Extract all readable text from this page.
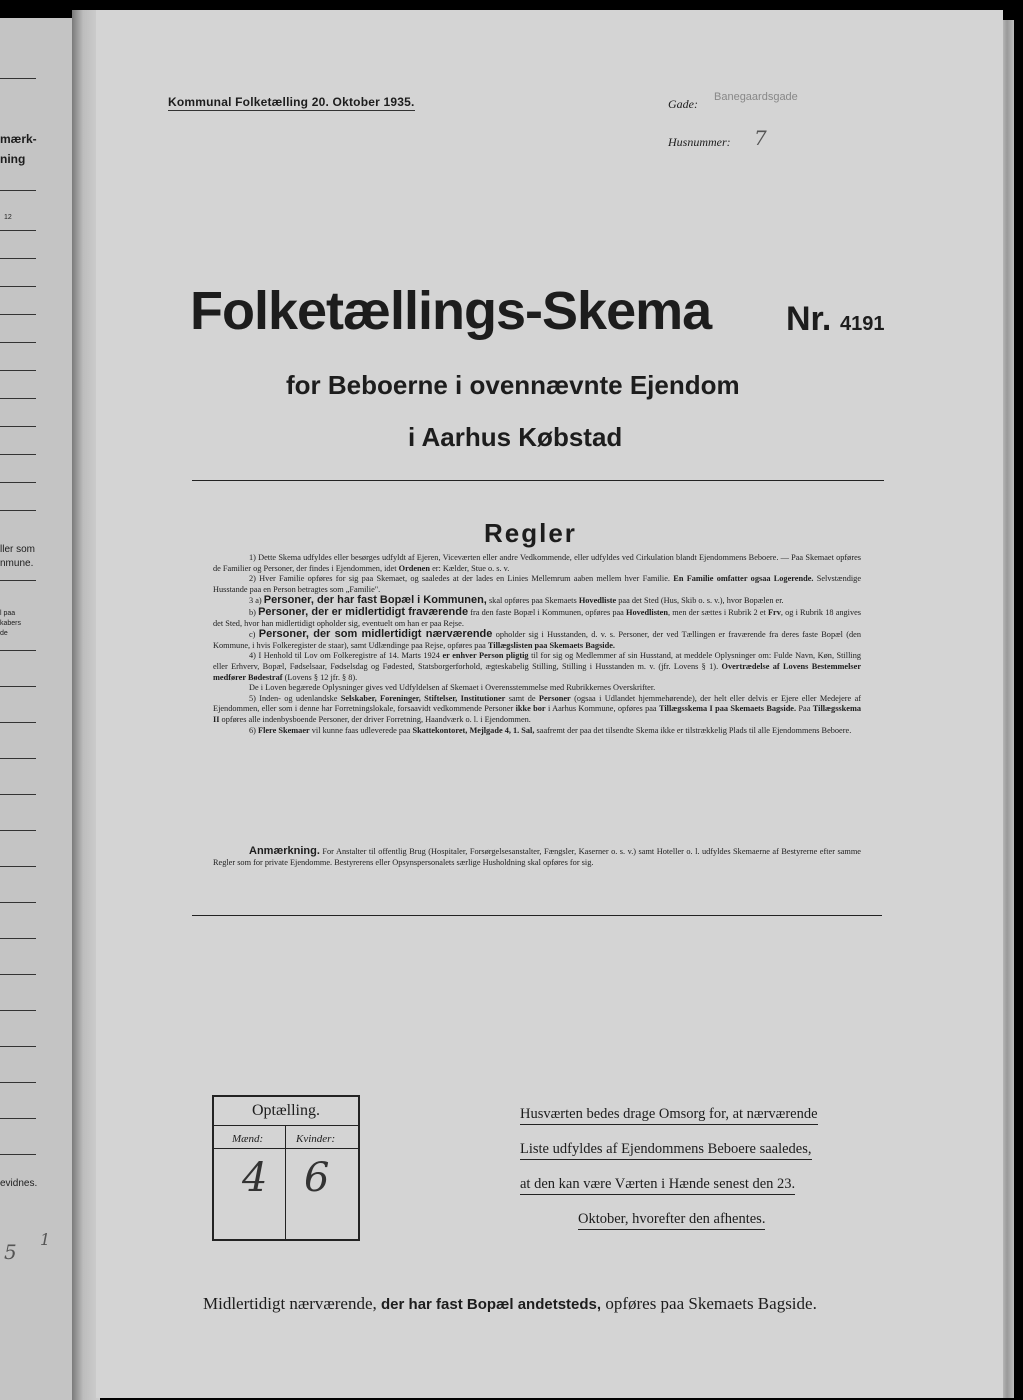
mærk-
ning
12
ller som
nmune.
l paa
kabers
de
evidnes.
5
1
Kommunal Folketælling 20. Oktober 1935.	Gade: Banegaardsgade
Husnummer: 7
Folketællings-Skema Nr. 4191
for Beboerne i ovennævnte Ejendom
i Aarhus Købstad
Regler

1) Dette Skema udfyldes eller besørges udfyldt af Ejeren, Viceværten eller andre Vedkommende, eller udfyldes ved Cirkulation blandt Ejendommens Beboere. — Paa Skemaet opføres de Familier og Personer, der findes i Ejendommen, idet Ordenen er: Kælder, Stue o. s. v.

2) Hver Familie opføres for sig paa Skemaet, og saaledes at der lades en Linies Mellemrum aaben mellem hver Familie. En Familie omfatter ogsaa Logerende. Selvstændige Husstande paa en Person betragtes som „Familie".

3 a) Personer, der har fast Bopæl i Kommunen, skal opføres paa Skemaets Hovedliste paa det Sted (Hus, Skib o. s. v.), hvor Bopælen er.

b) Personer, der er midlertidigt fraværende fra den faste Bopæl i Kommunen, opføres paa Hovedlisten, men der sættes i Rubrik 2 et Frv, og i Rubrik 18 angives det Sted, hvor han midlertidigt opholder sig, eventuelt om han er paa Rejse.

c) Personer, der som midlertidigt nærværende opholder sig i Husstanden, d. v. s. Personer, der ved Tællingen er fraværende fra deres faste Bopæl (den Kommune, i hvis Folkeregister de staar), samt Udlændinge paa Rejse, opføres paa Tillægslisten paa Skemaets Bagside.

4) I Henhold til Lov om Folkeregistre af 14. Marts 1924 er enhver Person pligtig til for sig og Medlemmer af sin Husstand, at meddele Oplysninger om: Fulde Navn, Køn, Stilling eller Erhverv, Bopæl, Fødselsaar, Fødselsdag og Fødested, Statsborgerforhold, ægteskabelig Stilling, Stilling i Husstanden m. v. (jfr. Lovens § 1). Overtrædelse af Lovens Bestemmelser medfører Bødestraf (Lovens § 12 jfr. § 8).

De i Loven begærede Oplysninger gives ved Udfyldelsen af Skemaet i Overensstemmelse med Rubrikkernes Overskrifter.

5) Inden- og udenlandske Selskaber, Foreninger, Stiftelser, Institutioner samt de Personer (ogsaa i Udlandet hjemmehørende), der helt eller delvis er Ejere eller Medejere af Ejendommen, eller som i denne har Forretningslokale, forsaavidt vedkommende Personer ikke bor i Aarhus Kommune, opføres paa Tillægsskema I paa Skemaets Bagside. Paa Tillægsskema II opføres alle indenbysboende Personer, der driver Forretning, Haandværk o. l. i Ejendommen.

6) Flere Skemaer vil kunne faas udleverede paa Skattekontoret, Mejlgade 4, 1. Sal, saafremt der paa det tilsendte Skema ikke er tilstrækkelig Plads til alle Ejendommens Beboere.

Anmærkning. For Anstalter til offentlig Brug (Hospitaler, Forsørgelsesanstalter, Fængsler, Kaserner o. s. v.) samt Hoteller o. l. udfyldes Skemaerne af Bestyrerne efter samme Regler som for private Ejendomme. Bestyrerens eller Opsynspersonalets særlige Husholdning skal opføres for sig.

Optælling.
Mænd:	Kvinder:
4 6
Husværten bedes drage Omsorg for, at nærværende
Liste udfyldes af Ejendommens Beboere saaledes,
at den kan være Værten i Hænde senest den 23.
Oktober, hvorefter den afhentes.
Midlertidigt nærværende, der har fast Bopæl andetsteds, opføres paa Skemaets Bagside.
